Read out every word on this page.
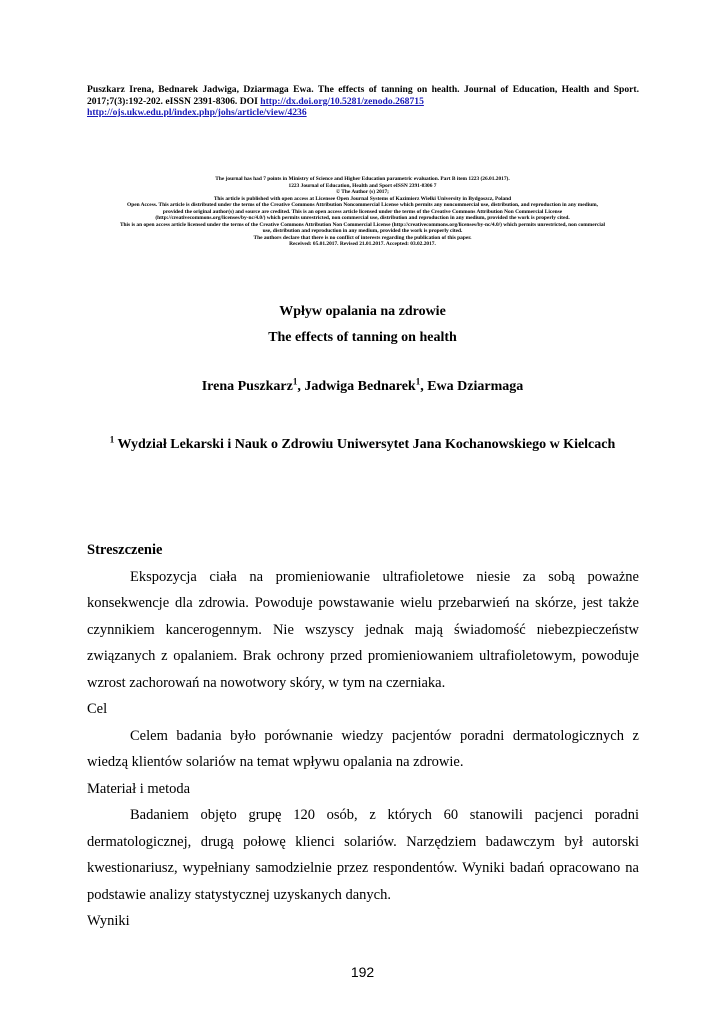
Puszkarz Irena, Bednarek Jadwiga, Dziarmaga Ewa. The effects of tanning on health. Journal of Education, Health and Sport. 2017;7(3):192-202. eISSN 2391-8306. DOI http://dx.doi.org/10.5281/zenodo.268715
http://ojs.ukw.edu.pl/index.php/johs/article/view/4236
The journal has had 7 points in Ministry of Science and Higher Education parametric evaluation. Part B item 1223 (26.01.2017).
1223 Journal of Education, Health and Sport eISSN 2391-8306 7
© The Author (s) 2017;
This article is published with open access at Licensee Open Journal Systems of Kazimierz Wielki University in Bydgoszcz, Poland
Open Access. This article is distributed under the terms of the Creative Commons Attribution Noncommercial License which permits any noncommercial use, distribution, and reproduction in any medium,
provided the original author(s) and source are credited. This is an open access article licensed under the terms of the Creative Commons Attribution Non Commercial License
(http://creativecommons.org/licenses/by-nc/4.0/) which permits unrestricted, non commercial use, distribution and reproduction in any medium, provided the work is properly cited.
This is an open access article licensed under the terms of the Creative Commons Attribution Non Commercial License (http://creativecommons.org/licenses/by-nc/4.0/) which permits unrestricted, non commercial
use, distribution and reproduction in any medium, provided the work is properly cited.
The authors declare that there is no conflict of interests regarding the publication of this paper.
Received: 05.01.2017. Revised 21.01.2017. Accepted: 03.02.2017.
Wpływ opalania na zdrowie
The effects of tanning on health
Irena Puszkarz$^1$, Jadwiga Bednarek$^1$, Ewa Dziarmaga
$^1$ Wydział Lekarski i Nauk o Zdrowiu Uniwersytet Jana Kochanowskiego w Kielcach
Streszczenie

Ekspozycja ciała na promieniowanie ultrafioletowe niesie za sobą poważne konsekwencje dla zdrowia. Powoduje powstawanie wielu przebarwień na skórze, jest także czynnikiem kancerogennym. Nie wszyscy jednak mają świadomość niebezpieczeństw związanych z opalaniem. Brak ochrony przed promieniowaniem ultrafioletowym, powoduje wzrost zachorowań na nowotwory skóry, w tym na czerniaka.

Cel

Celem badania było porównanie wiedzy pacjentów poradni dermatologicznych z wiedzą klientów solariów na temat wpływu opalania na zdrowie.

Materiał i metoda

Badaniem objęto grupę 120 osób, z których 60 stanowili pacjenci poradni dermatologicznej, drugą połowę klienci solariów. Narzędziem badawczym był autorski kwestionariusz, wypełniany samodzielnie przez respondentów. Wyniki badań opracowano na podstawie analizy statystycznej uzyskanych danych.

Wyniki
192
